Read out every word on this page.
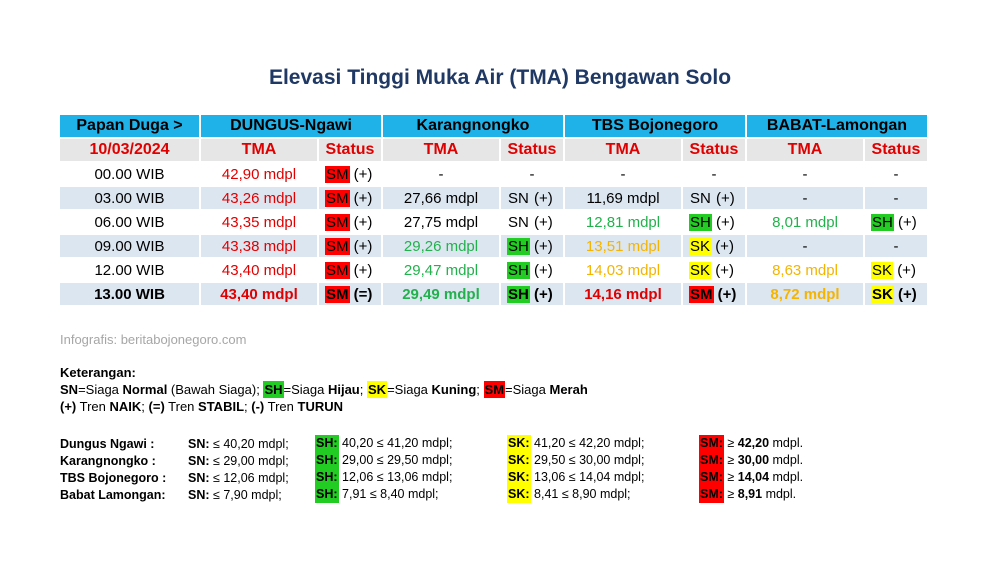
Elevasi Tinggi Muka Air (TMA) Bengawan Solo
Papan Duga >	DUNGUS-Ngawi		Karangnongko		TBS Bojonegoro		BABAT-Lamongan	
10/03/2024	TMA	Status	TMA	Status	TMA	Status	TMA	Status
00.00 WIB	42,90 mdpl	SM (+)	-	-	-	-	-	-
03.00 WIB	43,26 mdpl	SM (+)	27,66 mdpl	SN (+)	11,69 mdpl	SN (+)	-	-
06.00 WIB	43,35 mdpl	SM (+)	27,75 mdpl	SN (+)	12,81 mdpl	SH (+)	8,01 mdpl	SH (+)
09.00 WIB	43,38 mdpl	SM (+)	29,26 mdpl	SH (+)	13,51 mdpl	SK (+)	-	-
12.00 WIB	43,40 mdpl	SM (+)	29,47 mdpl	SH (+)	14,03 mdpl	SK (+)	8,63 mdpl	SK (+)
13.00 WIB	43,40 mdpl	SM (=)	29,49 mdpl	SH (+)	14,16 mdpl	SM (+)	8,72 mdpl	SK (+)
Infografis: beritabojonegoro.com
Keterangan:
SN=Siaga Normal (Bawah Siaga); SH=Siaga Hijau; SK=Siaga Kuning; SM=Siaga Merah
(+) Tren NAIK; (=) Tren STABIL; (-) Tren TURUN
Dungus Ngawi :	SN: ≤ 40,20 mdpl;	SH: 40,20 ≤ 41,20 mdpl;	SK: 41,20 ≤ 42,20 mdpl;	SM: ≥ 42,20 mdpl.
Karangnongko :	SN: ≤ 29,00 mdpl;	SH: 29,00 ≤ 29,50 mdpl;	SK: 29,50 ≤ 30,00 mdpl;	SM: ≥ 30,00 mdpl.
TBS Bojonegoro :	SN: ≤ 12,06 mdpl;	SH: 12,06 ≤ 13,06 mdpl;	SK: 13,06 ≤ 14,04 mdpl;	SM: ≥ 14,04 mdpl.
Babat Lamongan:	SN: ≤ 7,90 mdpl;	SH: 7,91 ≤ 8,40 mdpl;	SK: 8,41 ≤ 8,90 mdpl;	SM: ≥ 8,91 mdpl.
